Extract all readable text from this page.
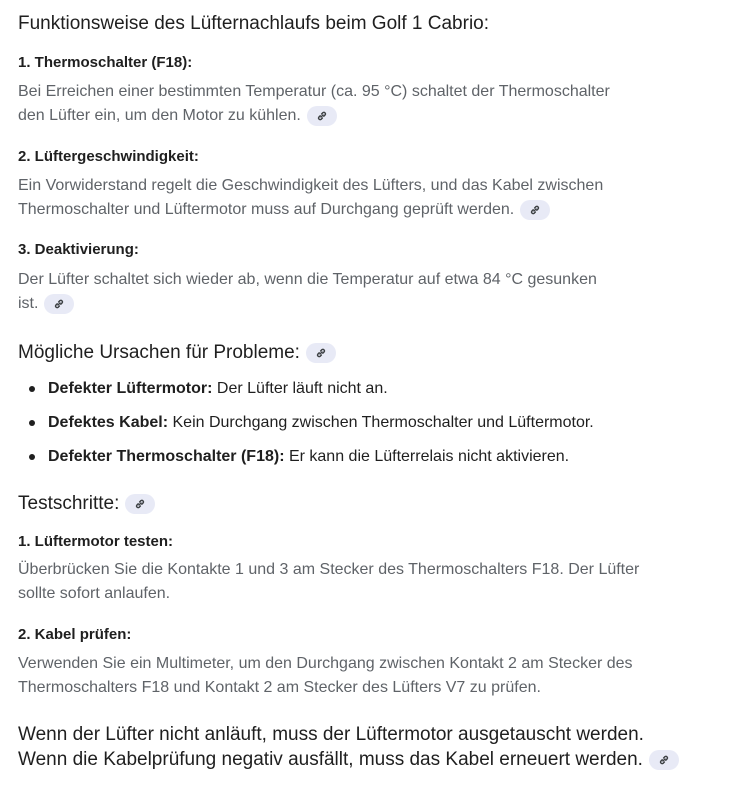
Funktionsweise des Lüfternachlaufs beim Golf 1 Cabrio:
1. Thermoschalter (F18):
Bei Erreichen einer bestimmten Temperatur (ca. 95 °C) schaltet der Thermoschalter
den Lüfter ein, um den Motor zu kühlen.
2. Lüftergeschwindigkeit:
Ein Vorwiderstand regelt die Geschwindigkeit des Lüfters, und das Kabel zwischen
Thermoschalter und Lüftermotor muss auf Durchgang geprüft werden.
3. Deaktivierung:
Der Lüfter schaltet sich wieder ab, wenn die Temperatur auf etwa 84 °C gesunken
ist.
Mögliche Ursachen für Probleme:
Defekter Lüftermotor: Der Lüfter läuft nicht an.
Defektes Kabel: Kein Durchgang zwischen Thermoschalter und Lüftermotor.
Defekter Thermoschalter (F18): Er kann die Lüfterrelais nicht aktivieren.
Testschritte:
1. Lüftermotor testen:
Überbrücken Sie die Kontakte 1 und 3 am Stecker des Thermoschalters F18. Der Lüfter
sollte sofort anlaufen.
2. Kabel prüfen:
Verwenden Sie ein Multimeter, um den Durchgang zwischen Kontakt 2 am Stecker des
Thermoschalters F18 und Kontakt 2 am Stecker des Lüfters V7 zu prüfen.
Wenn der Lüfter nicht anläuft, muss der Lüftermotor ausgetauscht werden.
Wenn die Kabelprüfung negativ ausfällt, muss das Kabel erneuert werden.
